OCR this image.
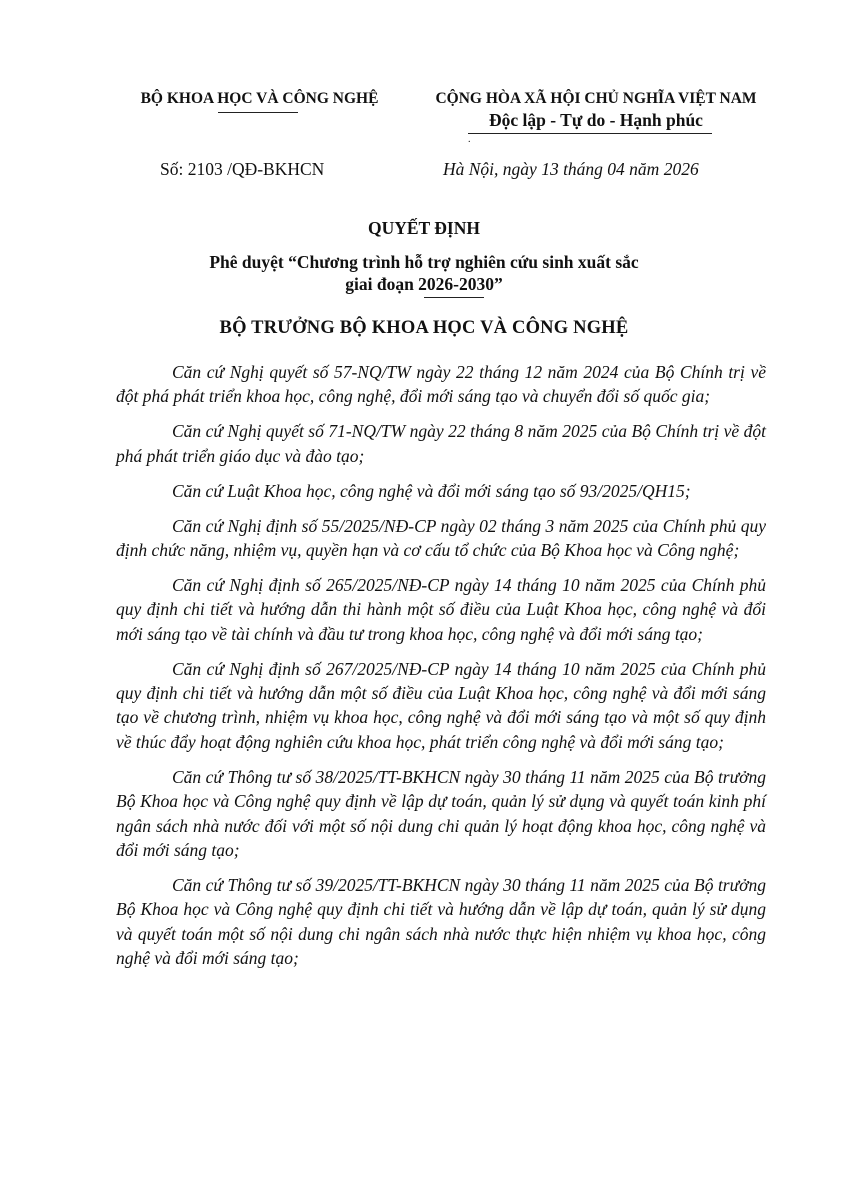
BỘ KHOA HỌC VÀ CÔNG NGHỆ	CỘNG HÒA XÃ HỘI CHỦ NGHĨA VIỆT NAM
Độc lập - Tự do - Hạnh phúc
.
Số: 2103 /QĐ-BKHCN	Hà Nội, ngày 13 tháng 04 năm 2026
QUYẾT ĐỊNH
Phê duyệt “Chương trình hỗ trợ nghiên cứu sinh xuất sắc
giai đoạn 2026-2030”
BỘ TRƯỞNG BỘ KHOA HỌC VÀ CÔNG NGHỆ

Căn cứ Nghị quyết số 57-NQ/TW ngày 22 tháng 12 năm 2024 của Bộ Chính trị về đột phá phát triển khoa học, công nghệ, đổi mới sáng tạo và chuyển đổi số quốc gia;

Căn cứ Nghị quyết số 71-NQ/TW ngày 22 tháng 8 năm 2025 của Bộ Chính trị về đột phá phát triển giáo dục và đào tạo;

Căn cứ Luật Khoa học, công nghệ và đổi mới sáng tạo số 93/2025/QH15;

Căn cứ Nghị định số 55/2025/NĐ-CP ngày 02 tháng 3 năm 2025 của Chính phủ quy định chức năng, nhiệm vụ, quyền hạn và cơ cấu tổ chức của Bộ Khoa học và Công nghệ;

Căn cứ Nghị định số 265/2025/NĐ-CP ngày 14 tháng 10 năm 2025 của Chính phủ quy định chi tiết và hướng dẫn thi hành một số điều của Luật Khoa học, công nghệ và đổi mới sáng tạo về tài chính và đầu tư trong khoa học, công nghệ và đổi mới sáng tạo;

Căn cứ Nghị định số 267/2025/NĐ-CP ngày 14 tháng 10 năm 2025 của Chính phủ quy định chi tiết và hướng dẫn một số điều của Luật Khoa học, công nghệ và đổi mới sáng tạo về chương trình, nhiệm vụ khoa học, công nghệ và đổi mới sáng tạo và một số quy định về thúc đẩy hoạt động nghiên cứu khoa học, phát triển công nghệ và đổi mới sáng tạo;

Căn cứ Thông tư số 38/2025/TT-BKHCN ngày 30 tháng 11 năm 2025 của Bộ trưởng Bộ Khoa học và Công nghệ quy định về lập dự toán, quản lý sử dụng và quyết toán kinh phí ngân sách nhà nước đối với một số nội dung chi quản lý hoạt động khoa học, công nghệ và đổi mới sáng tạo;

Căn cứ Thông tư số 39/2025/TT-BKHCN ngày 30 tháng 11 năm 2025 của Bộ trưởng Bộ Khoa học và Công nghệ quy định chi tiết và hướng dẫn về lập dự toán, quản lý sử dụng và quyết toán một số nội dung chi ngân sách nhà nước thực hiện nhiệm vụ khoa học, công nghệ và đổi mới sáng tạo;
